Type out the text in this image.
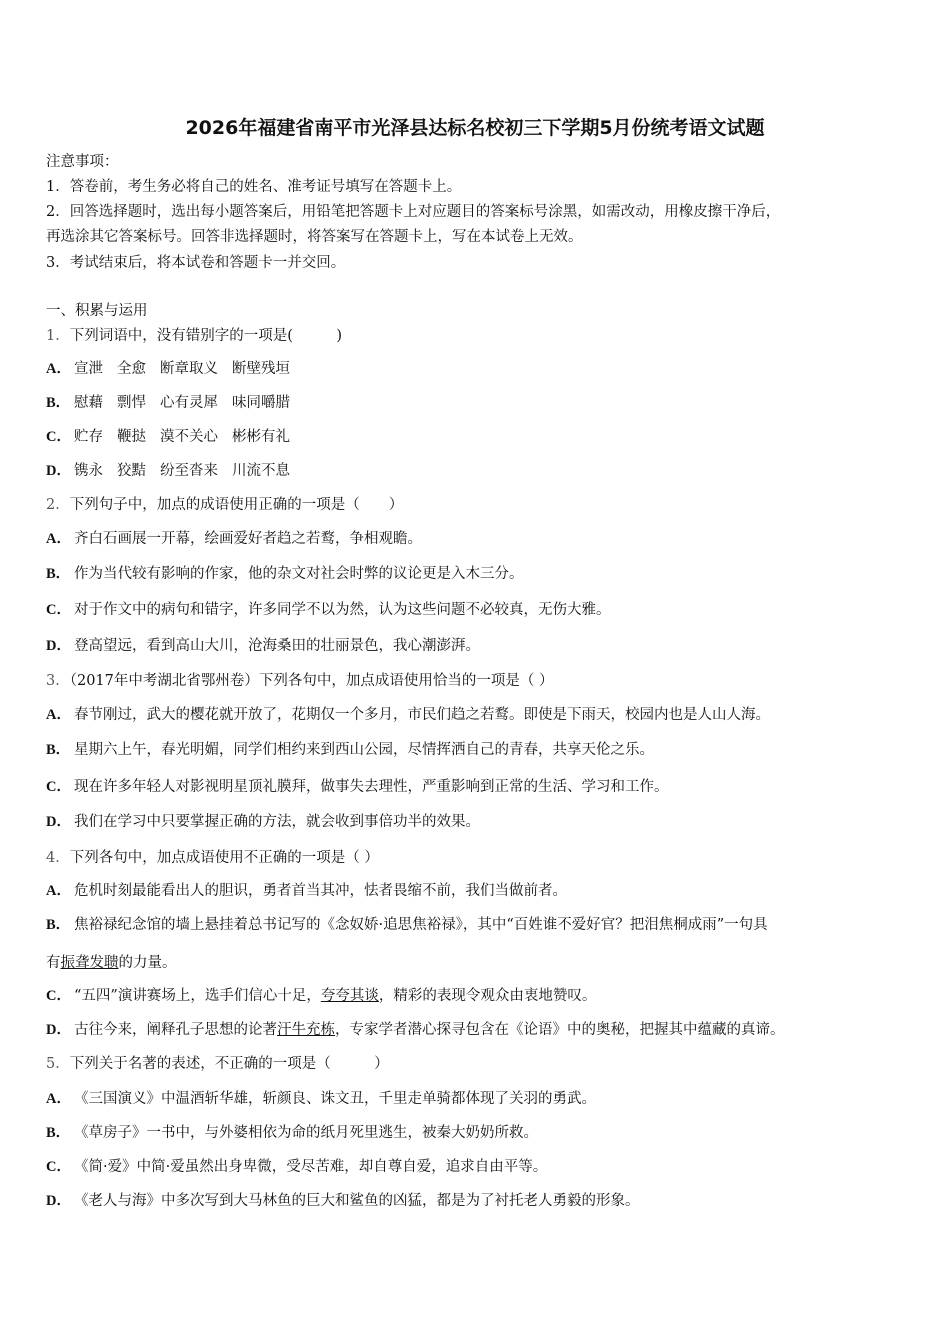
2026年福建省南平市光泽县达标名校初三下学期5月份统考语文试题
注意事项：
1．答卷前，考生务必将自己的姓名、准考证号填写在答题卡上。
2．回答选择题时，选出每小题答案后，用铅笔把答题卡上对应题目的答案标号涂黑，如需改动，用橡皮擦干净后，
再选涂其它答案标号。回答非选择题时，将答案写在答题卡上，写在本试卷上无效。
3．考试结束后，将本试卷和答题卡一并交回。
一、积累与运用
1．下列词语中，没有错别字的一项是(　　　)
A． 宣泄 全愈 断章取义 断壁残垣
B． 慰藉 剽悍 心有灵犀 味同嚼腊
C． 贮存 鞭挞 漠不关心 彬彬有礼
D． 镌永 狡黠 纷至沓来 川流不息
2．下列句子中，加点的成语使用正确的一项是（　　）
A． 齐白石画展一开幕，绘画爱好者趋之若鹜，争相观瞻。
B． 作为当代较有影响的作家，他的杂文对社会时弊的议论更是入木三分。
C． 对于作文中的病句和错字，许多同学不以为然，认为这些问题不必较真，无伤大雅。
D． 登高望远，看到高山大川，沧海桑田的壮丽景色，我心潮澎湃。
3．（2017年中考湖北省鄂州卷）下列各句中，加点成语使用恰当的一项是（ ）
A． 春节刚过，武大的樱花就开放了，花期仅一个多月，市民们趋之若鹜。即使是下雨天，校园内也是人山人海。
B． 星期六上午，春光明媚，同学们相约来到西山公园，尽情挥洒自己的青春，共享天伦之乐。
C． 现在许多年轻人对影视明星顶礼膜拜，做事失去理性，严重影响到正常的生活、学习和工作。
D． 我们在学习中只要掌握正确的方法，就会收到事倍功半的效果。
4．下列各句中，加点成语使用不正确的一项是（ ）
A． 危机时刻最能看出人的胆识，勇者首当其冲，怯者畏缩不前，我们当做前者。
B． 焦裕禄纪念馆的墙上悬挂着总书记写的《念奴娇·追思焦裕禄》，其中“百姓谁不爱好官？把泪焦桐成雨”一句具
有振聋发聩的力量。
C． “五四”演讲赛场上，选手们信心十足，夸夸其谈，精彩的表现令观众由衷地赞叹。
D． 古往今来，阐释孔子思想的论著汗牛充栋，专家学者潜心探寻包含在《论语》中的奥秘，把握其中蕴藏的真谛。
5．下列关于名著的表述，不正确的一项是（　　　）
A． 《三国演义》中温酒斩华雄，斩颜良、诛文丑，千里走单骑都体现了关羽的勇武。
B． 《草房子》一书中，与外婆相依为命的纸月死里逃生，被秦大奶奶所救。
C． 《简·爱》中简·爱虽然出身卑微，受尽苦难，却自尊自爱，追求自由平等。
D． 《老人与海》中多次写到大马林鱼的巨大和鲨鱼的凶猛，都是为了衬托老人勇毅的形象。
